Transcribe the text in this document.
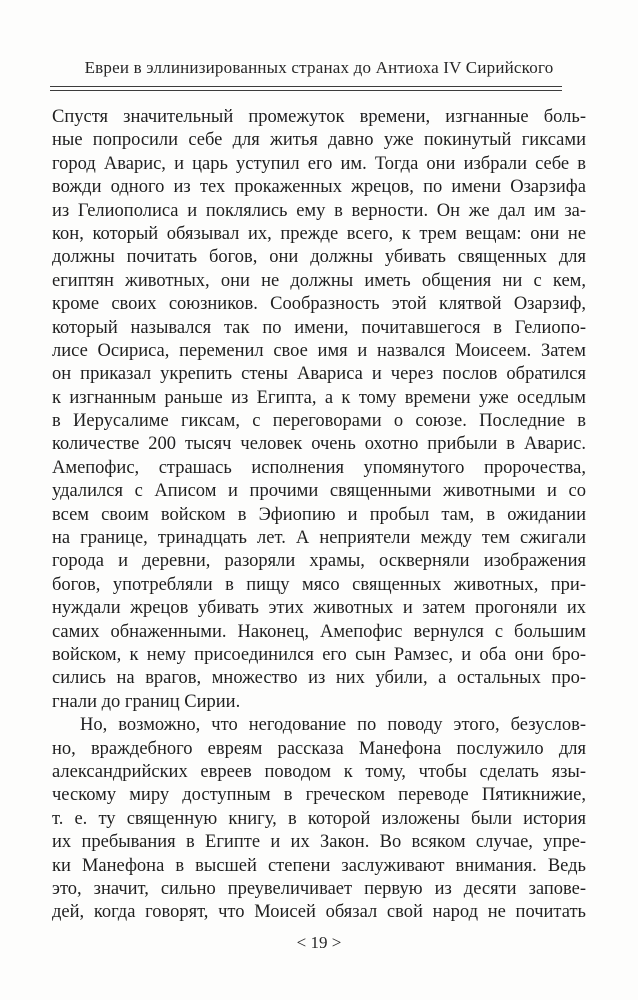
Евреи в эллинизированных странах до Антиоха IV Сирийского
Спустя значительный промежуток времени, изгнанные боль-
ные попросили себе для житья давно уже покинутый гиксами
город Аварис, и царь уступил его им. Тогда они избрали себе в
вожди одного из тех прокаженных жрецов, по имени Озарзифа
из Гелиополиса и поклялись ему в верности. Он же дал им за-
кон, который обязывал их, прежде всего, к трем вещам: они не
должны почитать богов, они должны убивать священных для
египтян животных, они не должны иметь общения ни с кем,
кроме своих союзников. Сообразность этой клятвой Озарзиф,
который назывался так по имени, почитавшегося в Гелиопо-
лисе Осириса, переменил свое имя и назвался Моисеем. Затем
он приказал укрепить стены Авариса и через послов обратился
к изгнанным раньше из Египта, а к тому времени уже оседлым
в Иерусалиме гиксам, с переговорами о союзе. Последние в
количестве 200 тысяч человек очень охотно прибыли в Аварис.
Амепофис, страшась исполнения упомянутого пророчества,
удалился с Аписом и прочими священными животными и со
всем своим войском в Эфиопию и пробыл там, в ожидании
на границе, тринадцать лет. А неприятели между тем сжигали
города и деревни, разоряли храмы, оскверняли изображения
богов, употребляли в пищу мясо священных животных, при-
нуждали жрецов убивать этих животных и затем прогоняли их
самих обнаженными. Наконец, Амепофис вернулся с большим
войском, к нему присоединился его сын Рамзес, и оба они бро-
сились на врагов, множество из них убили, а остальных про-
гнали до границ Сирии.
Но, возможно, что негодование по поводу этого, безуслов-
но, враждебного евреям рассказа Манефона послужило для
александрийских евреев поводом к тому, чтобы сделать язы-
ческому миру доступным в греческом переводе Пятикнижие,
т. е. ту священную книгу, в которой изложены были история
их пребывания в Египте и их Закон. Во всяком случае, упре-
ки Манефона в высшей степени заслуживают внимания. Ведь
это, значит, сильно преувеличивает первую из десяти запове-
дей, когда говорят, что Моисей обязал свой народ не почитать
< 19 >
